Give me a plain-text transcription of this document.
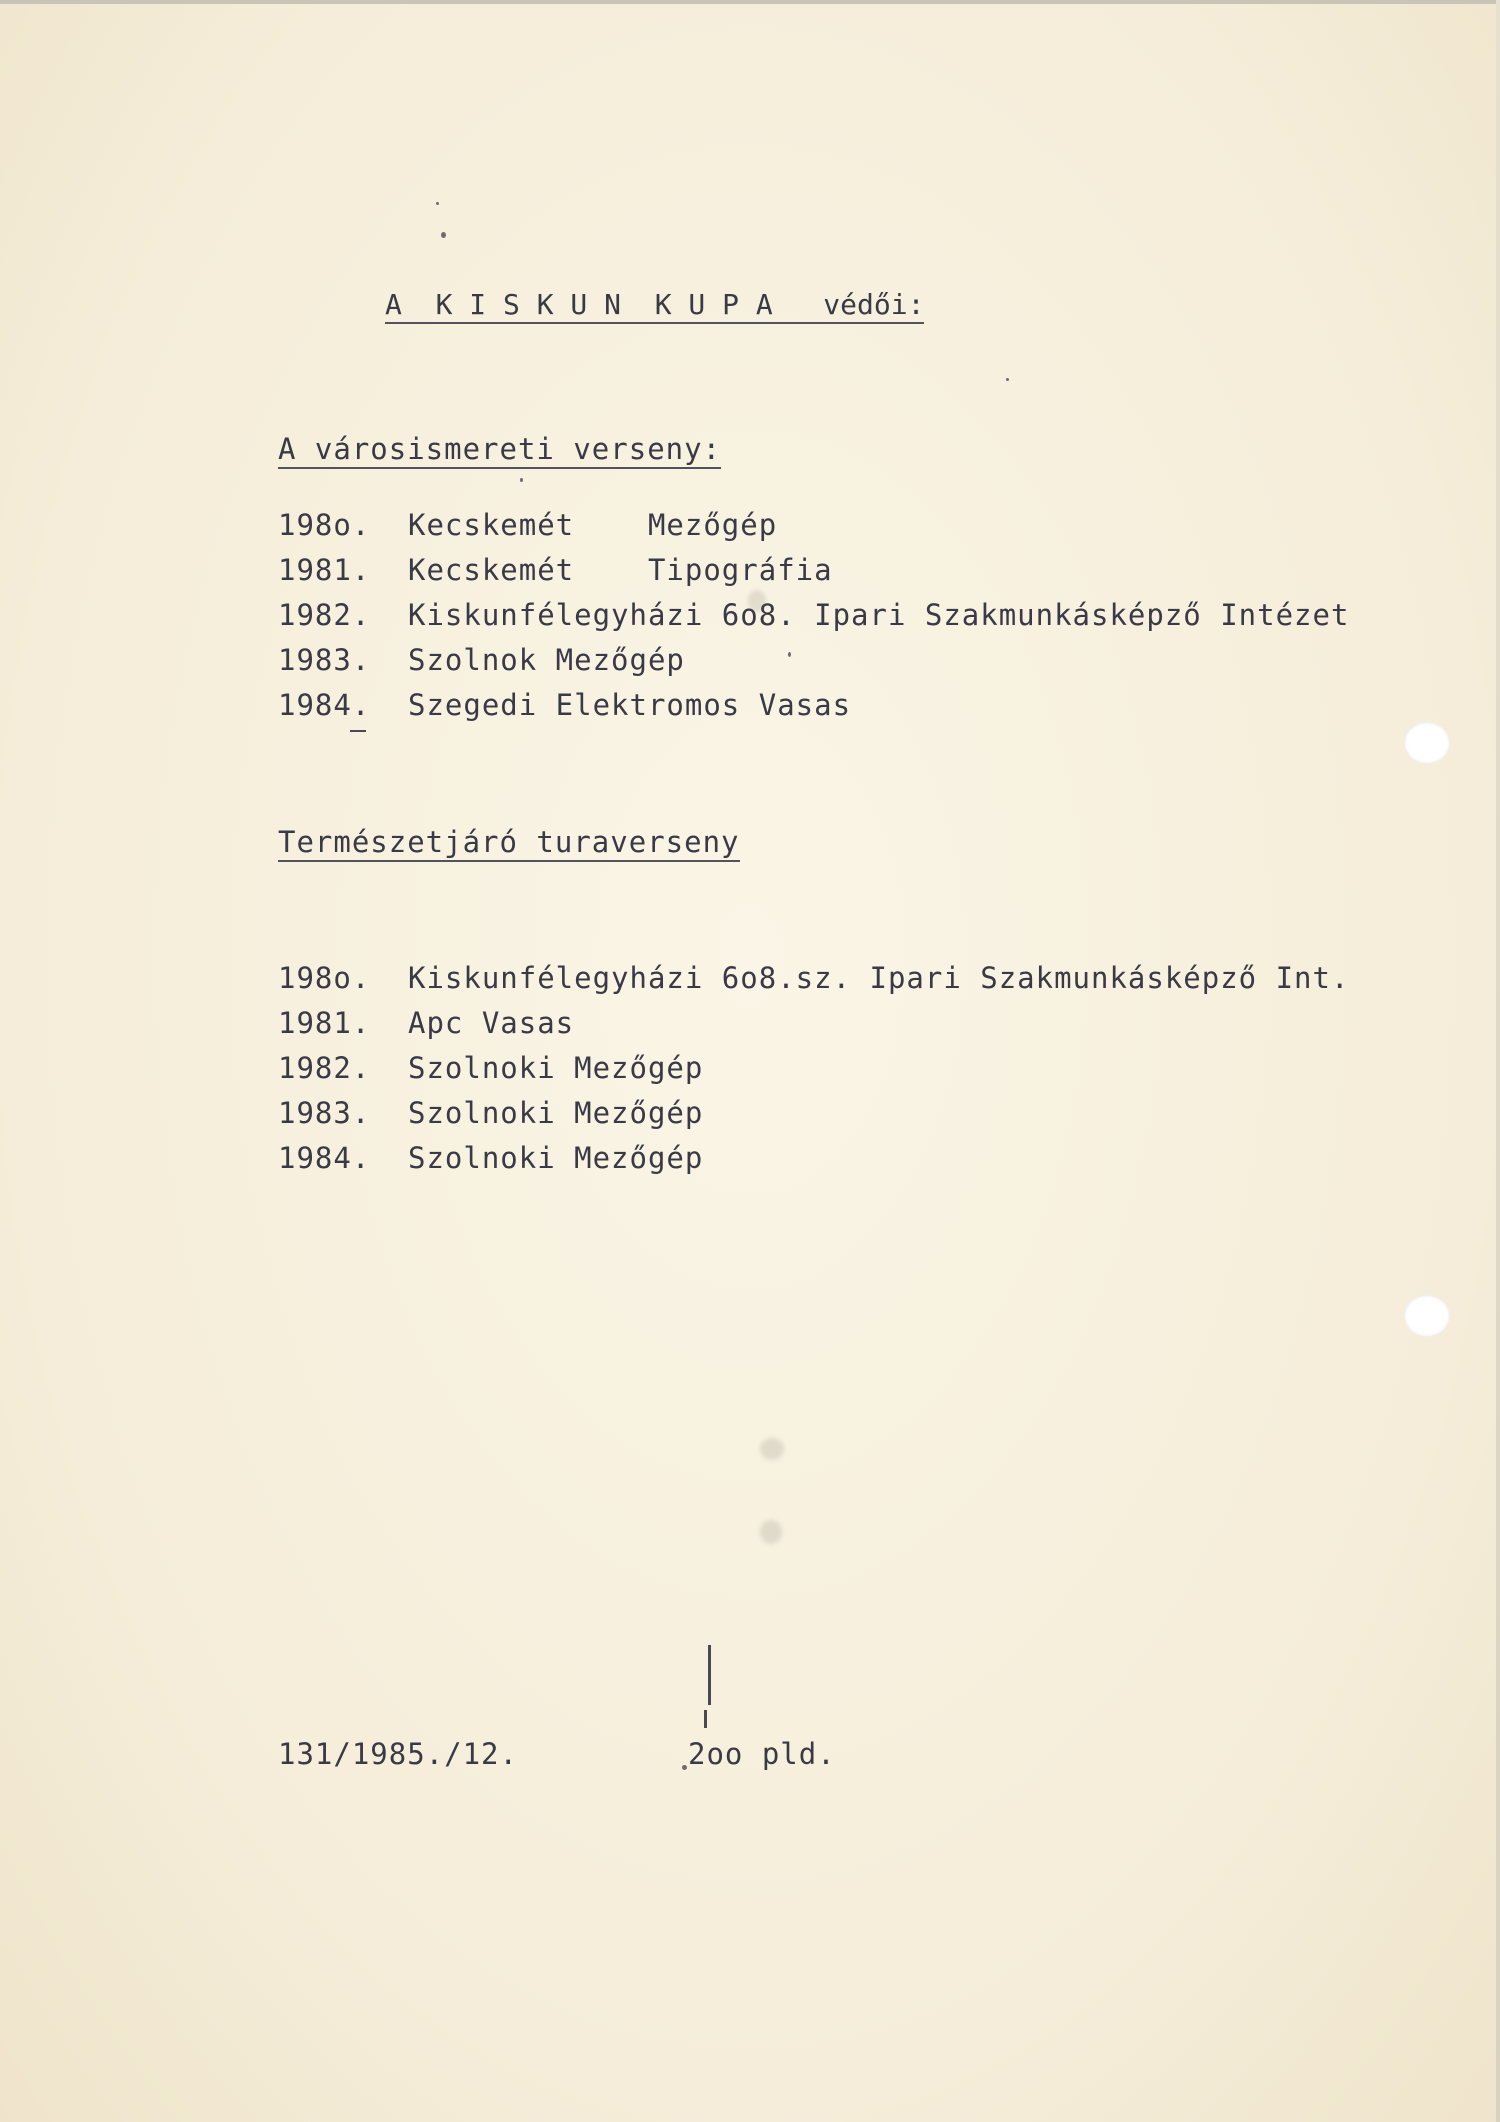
A  K I S K U N  K U P A   védői:
A városismereti verseny:

198o.

Kecskemét    Mezőgép

1981.

Kecskemét    Tipográfia

1982.

Kiskunfélegyházi 6o8. Ipari Szakmunkásképző Intézet

1983.

Szolnok Mezőgép

1984.

Szegedi Elektromos Vasas

Természetjáró turaverseny

198o.

Kiskunfélegyházi 6o8.sz. Ipari Szakmunkásképző Int.

1981.

Apc Vasas

1982.

Szolnoki Mezőgép

1983.

Szolnoki Mezőgép

1984.

Szolnoki Mezőgép

131/1985./12.	2oo pld.
